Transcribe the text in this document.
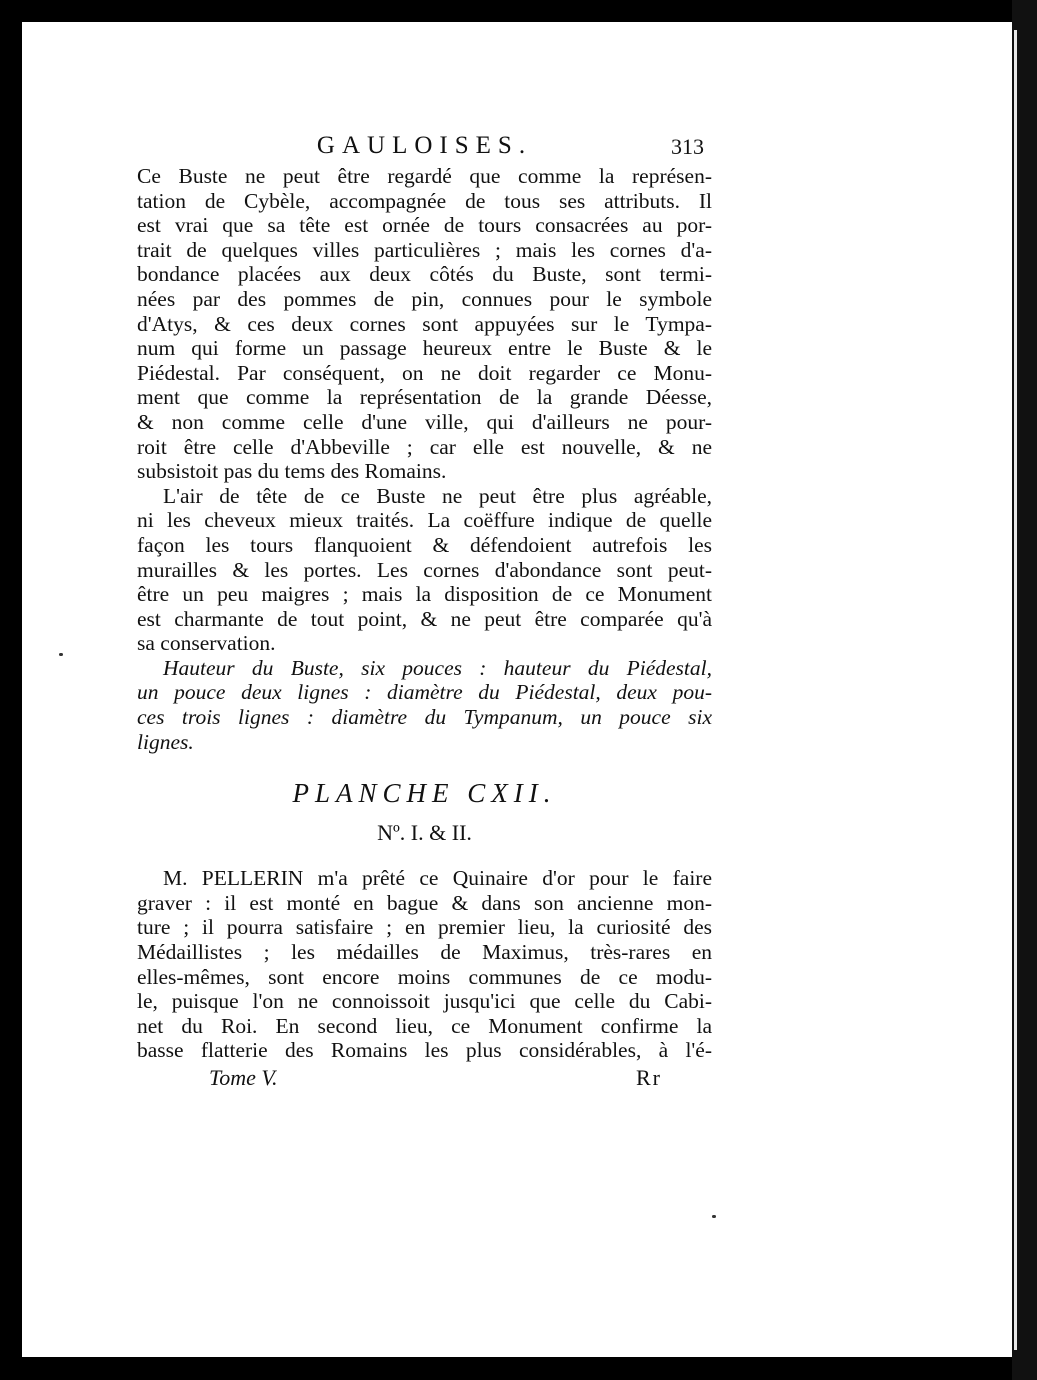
GAULOISES.	313
Ce Buste ne peut être regardé que comme la représen-
tation de Cybèle, accompagnée de tous ses attributs. Il
est vrai que sa tête est ornée de tours consacrées au por-
trait de quelques villes particulières ; mais les cornes d'a-
bondance placées aux deux côtés du Buste, sont termi-
nées par des pommes de pin, connues pour le symbole
d'Atys, & ces deux cornes sont appuyées sur le Tympa-
num qui forme un passage heureux entre le Buste & le
Piédestal. Par conséquent, on ne doit regarder ce Monu-
ment que comme la représentation de la grande Déesse,
& non comme celle d'une ville, qui d'ailleurs ne pour-
roit être celle d'Abbeville ; car elle est nouvelle, & ne
subsistoit pas du tems des Romains.
L'air de tête de ce Buste ne peut être plus agréable,
ni les cheveux mieux traités. La coëffure indique de quelle
façon les tours flanquoient & défendoient autrefois les
murailles & les portes. Les cornes d'abondance sont peut-
être un peu maigres ; mais la disposition de ce Monument
est charmante de tout point, & ne peut être comparée qu'à
sa conservation.
Hauteur du Buste, six pouces : hauteur du Piédestal,
un pouce deux lignes : diamètre du Piédestal, deux pou-
ces trois lignes : diamètre du Tympanum, un pouce six
lignes.
PLANCHE CXII.
Nº. I. & II.
M. PELLERIN m'a prêté ce Quinaire d'or pour le faire
graver : il est monté en bague & dans son ancienne mon-
ture ; il pourra satisfaire ; en premier lieu, la curiosité des
Médaillistes ; les médailles de Maximus, très-rares en
elles-mêmes, sont encore moins communes de ce modu-
le, puisque l'on ne connoissoit jusqu'ici que celle du Cabi-
net du Roi. En second lieu, ce Monument confirme la
basse flatterie des Romains les plus considérables, à l'é-
Tome V.	Rr
